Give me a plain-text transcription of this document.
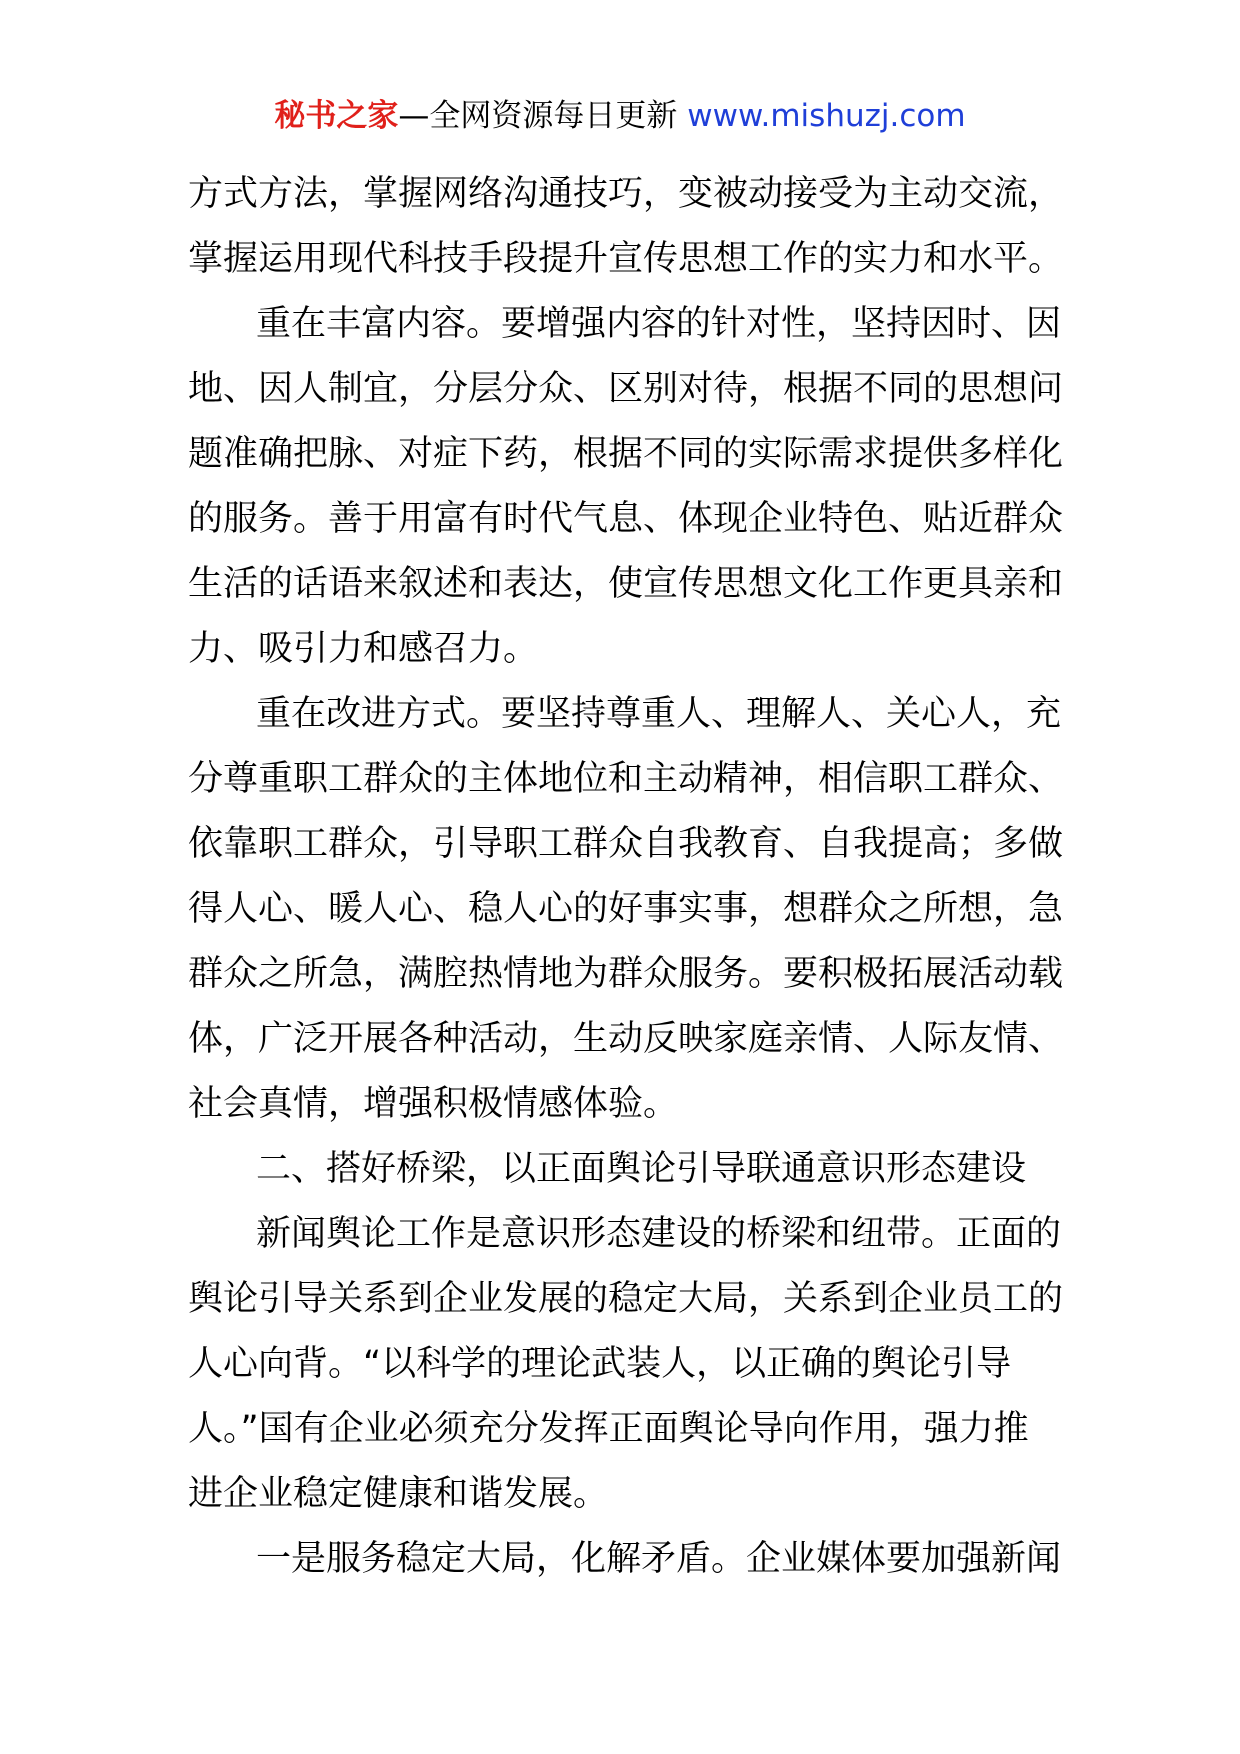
秘书之家—全网资源每日更新 www.mishuzj.com
方式方法，掌握网络沟通技巧，变被动接受为主动交流，
掌握运用现代科技手段提升宣传思想工作的实力和水平。
重在丰富内容。要增强内容的针对性，坚持因时、因
地、因人制宜，分层分众、区别对待，根据不同的思想问
题准确把脉、对症下药，根据不同的实际需求提供多样化
的服务。善于用富有时代气息、体现企业特色、贴近群众
生活的话语来叙述和表达，使宣传思想文化工作更具亲和
力、吸引力和感召力。
重在改进方式。要坚持尊重人、理解人、关心人，充
分尊重职工群众的主体地位和主动精神，相信职工群众、
依靠职工群众，引导职工群众自我教育、自我提高；多做
得人心、暖人心、稳人心的好事实事，想群众之所想，急
群众之所急，满腔热情地为群众服务。要积极拓展活动载
体，广泛开展各种活动，生动反映家庭亲情、人际友情、
社会真情，增强积极情感体验。
二、搭好桥梁，以正面舆论引导联通意识形态建设
新闻舆论工作是意识形态建设的桥梁和纽带。正面的
舆论引导关系到企业发展的稳定大局，关系到企业员工的
人心向背。“以科学的理论武装人，以正确的舆论引导
人。”国有企业必须充分发挥正面舆论导向作用，强力推
进企业稳定健康和谐发展。
一是服务稳定大局，化解矛盾。企业媒体要加强新闻
